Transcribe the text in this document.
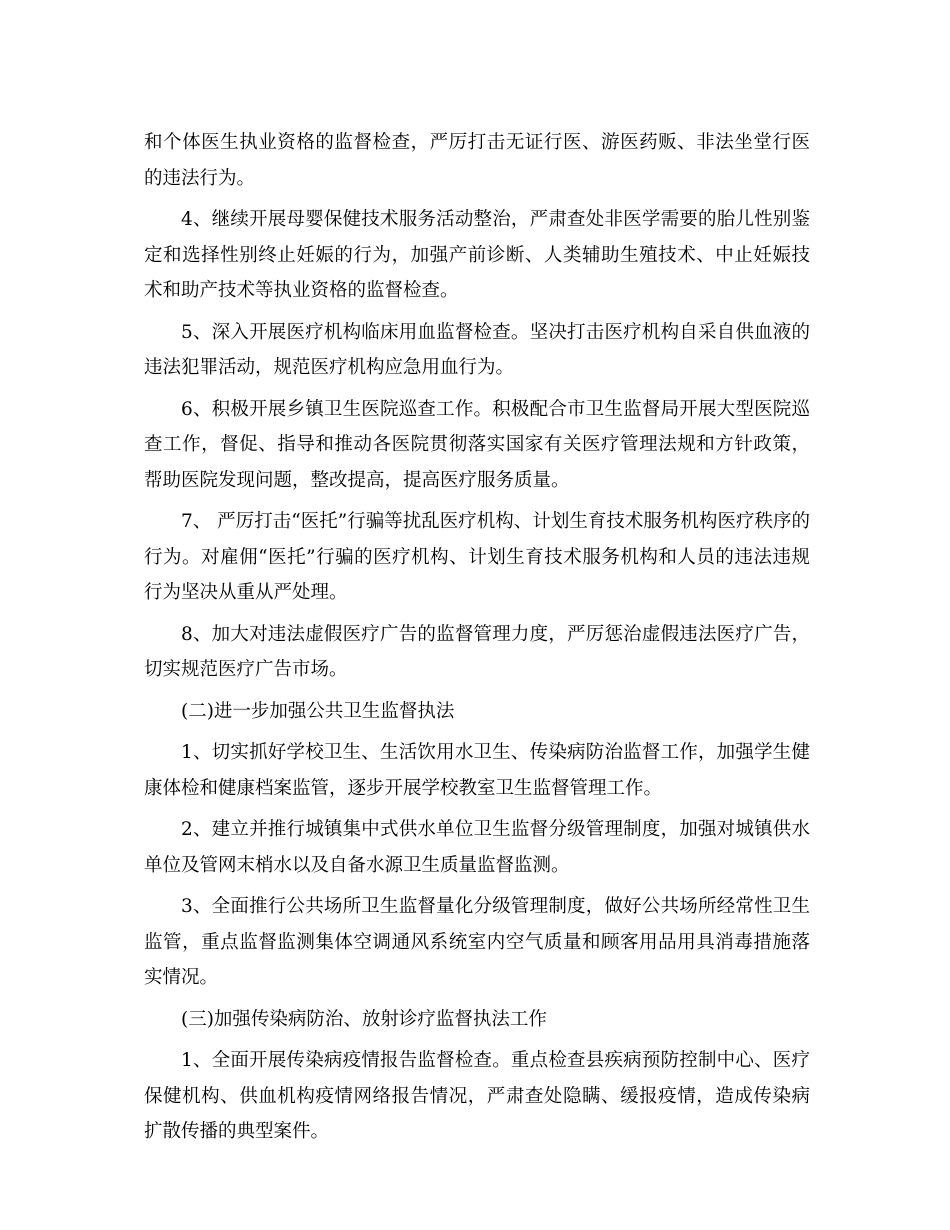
和个体医生执业资格的监督检查，严厉打击无证行医、游医药贩、非法坐堂行医
的违法行为。
4、继续开展母婴保健技术服务活动整治，严肃查处非医学需要的胎儿性别鉴
定和选择性别终止妊娠的行为，加强产前诊断、人类辅助生殖技术、中止妊娠技
术和助产技术等执业资格的监督检查。
5、深入开展医疗机构临床用血监督检查。坚决打击医疗机构自采自供血液的
违法犯罪活动，规范医疗机构应急用血行为。
6、积极开展乡镇卫生医院巡查工作。积极配合市卫生监督局开展大型医院巡
查工作，督促、指导和推动各医院贯彻落实国家有关医疗管理法规和方针政策，
帮助医院发现问题，整改提高，提高医疗服务质量。
7、 严厉打击“医托”行骗等扰乱医疗机构、计划生育技术服务机构医疗秩序的
行为。对雇佣“医托”行骗的医疗机构、计划生育技术服务机构和人员的违法违规
行为坚决从重从严处理。
8、加大对违法虚假医疗广告的监督管理力度，严厉惩治虚假违法医疗广告，
切实规范医疗广告市场。
(二)进一步加强公共卫生监督执法
1、切实抓好学校卫生、生活饮用水卫生、传染病防治监督工作，加强学生健
康体检和健康档案监管，逐步开展学校教室卫生监督管理工作。
2、建立并推行城镇集中式供水单位卫生监督分级管理制度，加强对城镇供水
单位及管网末梢水以及自备水源卫生质量监督监测。
3、全面推行公共场所卫生监督量化分级管理制度，做好公共场所经常性卫生
监管，重点监督监测集体空调通风系统室内空气质量和顾客用品用具消毒措施落
实情况。
(三)加强传染病防治、放射诊疗监督执法工作
1、全面开展传染病疫情报告监督检查。重点检查县疾病预防控制中心、医疗
保健机构、供血机构疫情网络报告情况，严肃查处隐瞒、缓报疫情，造成传染病
扩散传播的典型案件。
